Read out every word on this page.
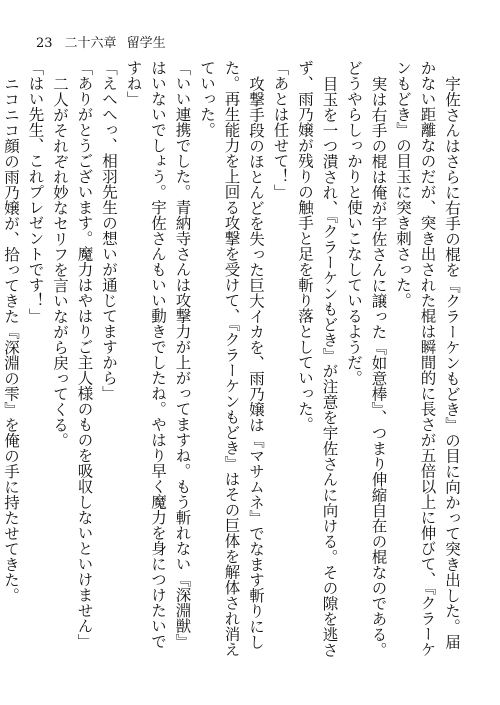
23 二十六章 留学生

宇佐さんはさらに右手の棍を『クラーケンもどき』の目に向かって突き出した。届かない距離なのだが、突き出された棍は瞬間的に長さが五倍以上に伸びて、『クラーケンもどき』の目玉に突き刺さった。

実は右手の棍は俺が宇佐さんに譲った『如意棒』、つまり伸縮自在の棍なのである。どうやらしっかりと使いこなしているようだ。

目玉を一つ潰され、『クラーケンもどき』が注意を宇佐さんに向ける。その隙を逃さず、雨乃嬢が残りの触手と足を斬り落としていった。

「あとは任せて！」

攻撃手段のほとんどを失った巨大イカを、雨乃嬢は『マサムネ』でなます斬りにした。再生能力を上回る攻撃を受けて、『クラーケンもどき』はその巨体を解体され消えていった。

「いい連携でした。青納寺さんは攻撃力が上がってますね。もう斬れない『深淵獣』はいないでしょう。宇佐さんもいい動きでしたね。やはり早く魔力を身につけたいですね」

「えへへっ、相羽先生の想いが通じてますから」

「ありがとうございます。魔力はやはりご主人様のものを吸収しないといけません」

二人がそれぞれ妙なセリフを言いながら戻ってくる。

「はい先生、これプレゼントです！」

ニコニコ顔の雨乃嬢が、拾ってきた『深淵の雫』を俺の手に持たせてきた。
